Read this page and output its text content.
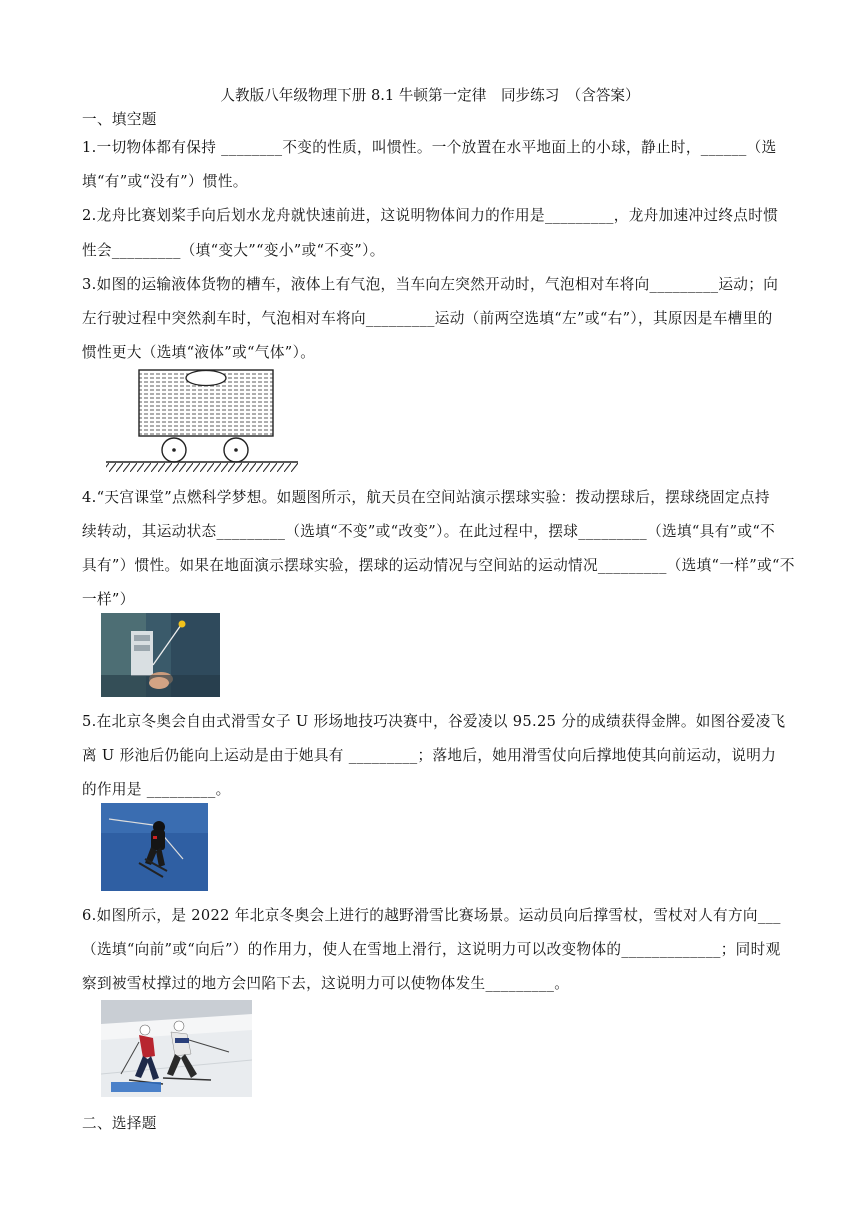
人教版八年级物理下册 8.1 牛顿第一定律　同步练习　（含答案）
一、填空题
1.一切物体都有保持 ________不变的性质，叫惯性。一个放置在水平地面上的小球，静止时，______（选
填“有”或“没有”）惯性。
2.龙舟比赛划桨手向后划水龙舟就快速前进，这说明物体间力的作用是_________，龙舟加速冲过终点时惯
性会_________（填“变大”“变小”或“不变”）。
3.如图的运输液体货物的槽车，液体上有气泡，当车向左突然开动时，气泡相对车将向_________运动；向
左行驶过程中突然刹车时，气泡相对车将向_________运动（前两空选填“左”或“右”），其原因是车槽里的
惯性更大（选填“液体”或“气体”）。
4.“天宫课堂”点燃科学梦想。如题图所示，航天员在空间站演示摆球实验：拨动摆球后，摆球绕固定点持
续转动，其运动状态_________（选填“不变”或“改变”）。在此过程中，摆球_________（选填“具有”或“不
具有”）惯性。如果在地面演示摆球实验，摆球的运动情况与空间站的运动情况_________（选填“一样”或“不
一样”）
5.在北京冬奥会自由式滑雪女子 U 形场地技巧决赛中，谷爱凌以 95.25 分的成绩获得金牌。如图谷爱凌飞
离 U 形池后仍能向上运动是由于她具有 _________；落地后，她用滑雪仗向后撑地使其向前运动，说明力
的作用是 _________。
6.如图所示，是 2022 年北京冬奥会上进行的越野滑雪比赛场景。运动员向后撑雪杖，雪杖对人有方向___
（选填“向前”或“向后”）的作用力，使人在雪地上滑行，这说明力可以改变物体的_____________；同时观
察到被雪杖撑过的地方会凹陷下去，这说明力可以使物体发生_________。
二、选择题
